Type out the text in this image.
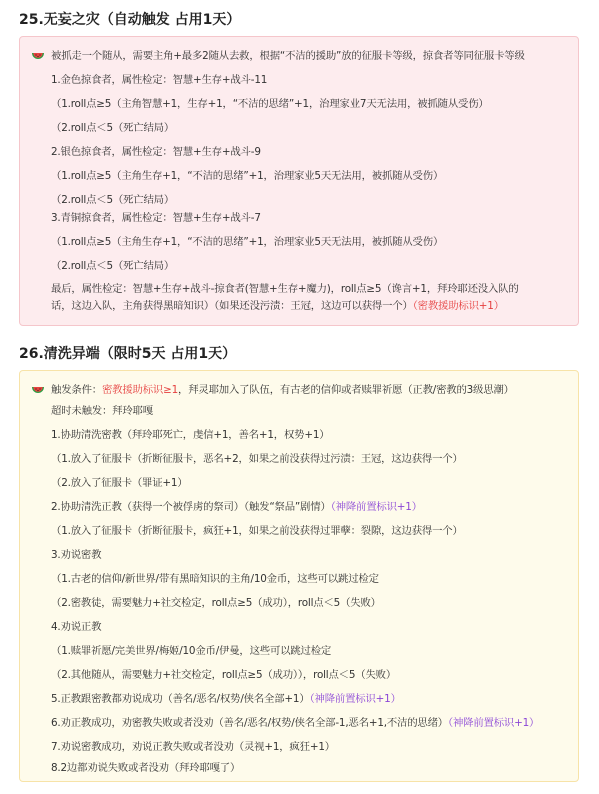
25.无妄之灾（自动触发 占用1天）
被抓走一个随从，需要主角+最多2随从去救，根据“不洁的援助”放的征服卡等级，掠食者等同征服卡等级
1.金色掠食者，属性检定：智慧+生存+战斗-11
（1.roll点≥5（主角智慧+1，生存+1，“不洁的思绪”+1，治理家业7天无法用，被抓随从受伤）
（2.roll点＜5（死亡结局）
2.银色掠食者，属性检定：智慧+生存+战斗-9
（1.roll点≥5（主角生存+1，“不洁的思绪”+1，治理家业5天无法用，被抓随从受伤）
（2.roll点＜5（死亡结局）
3.青铜掠食者，属性检定：智慧+生存+战斗-7
（1.roll点≥5（主角生存+1，“不洁的思绪”+1，治理家业5天无法用，被抓随从受伤）
（2.roll点＜5（死亡结局）
最后，属性检定：智慧+生存+战斗-掠食者(智慧+生存+魔力)，roll点≥5（谗言+1，拜玲耶还没入队的
话，这边入队，主角获得黑暗知识）（如果还没污渍：王冠，这边可以获得一个）（密教援助标识+1）
26.清洗异端（限时5天 占用1天）
触发条件：密教援助标识≥1，拜灵耶加入了队伍，有古老的信仰或者赎罪祈愿（正教/密教的3级思潮）
超时未触发：拜玲耶嘎
1.协助清洗密教（拜玲耶死亡，虔信+1，善名+1，权势+1）
（1.放入了征服卡（折断征服卡，恶名+2，如果之前没获得过污渍：王冠，这边获得一个）
（2.放入了征服卡（罪证+1）
2.协助清洗正教（获得一个被俘虏的祭司）（触发“祭品”剧情）（神降前置标识+1）
（1.放入了征服卡（折断征服卡，疯狂+1，如果之前没获得过罪孽：裂隙，这边获得一个）
3.劝说密教
（1.古老的信仰/新世界/带有黑暗知识的主角/10金币，这些可以跳过检定
（2.密教徒，需要魅力+社交检定，roll点≥5（成功），roll点＜5（失败）
4.劝说正教
（1.赎罪祈愿/完美世界/梅姬/10金币/伊曼，这些可以跳过检定
（2.其他随从，需要魅力+社交检定，roll点≥5（成功）），roll点＜5（失败）
5.正教跟密教都劝说成功（善名/恶名/权势/侠名全部+1）（神降前置标识+1）
6.劝正教成功，劝密教失败或者没劝（善名/恶名/权势/侠名全部-1,恶名+1,不洁的思绪）（神降前置标识+1）
7.劝说密教成功，劝说正教失败或者没劝（灵视+1，疯狂+1）
8.2边都劝说失败或者没劝（拜玲耶嘎了）
